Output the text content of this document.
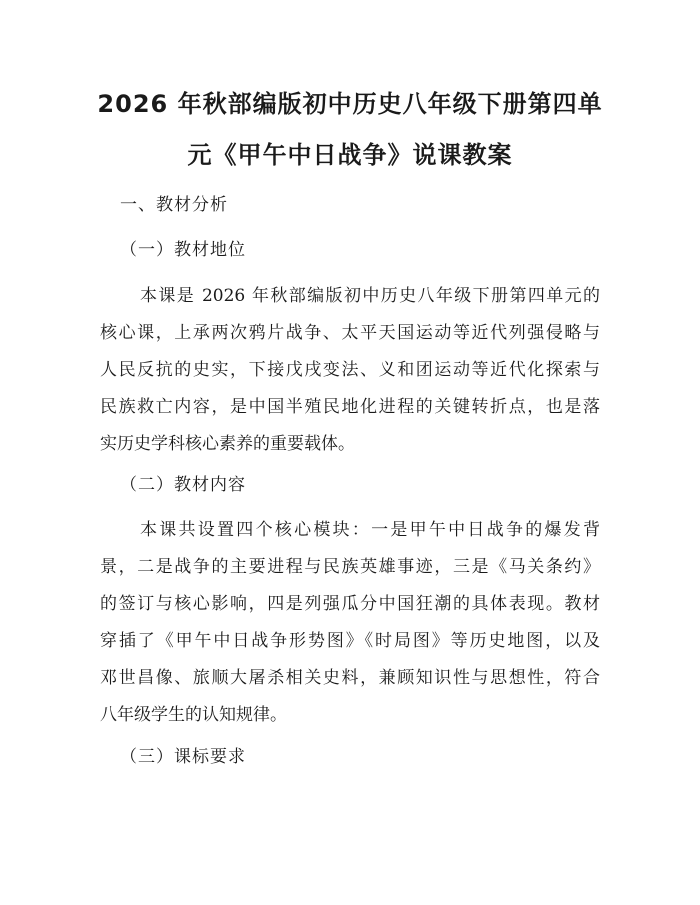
2026 年秋部编版初中历史八年级下册第四单
元《甲午中日战争》说课教案
一、教材分析
（一）教材地位
本课是 2026 年秋部编版初中历史八年级下册第四单元的
核心课，上承两次鸦片战争、太平天国运动等近代列强侵略与
人民反抗的史实，下接戊戌变法、义和团运动等近代化探索与
民族救亡内容，是中国半殖民地化进程的关键转折点，也是落
实历史学科核心素养的重要载体。
（二）教材内容
本课共设置四个核心模块：一是甲午中日战争的爆发背
景，二是战争的主要进程与民族英雄事迹，三是《马关条约》
的签订与核心影响，四是列强瓜分中国狂潮的具体表现。教材
穿插了《甲午中日战争形势图》《时局图》等历史地图，以及
邓世昌像、旅顺大屠杀相关史料，兼顾知识性与思想性，符合
八年级学生的认知规律。
（三）课标要求
